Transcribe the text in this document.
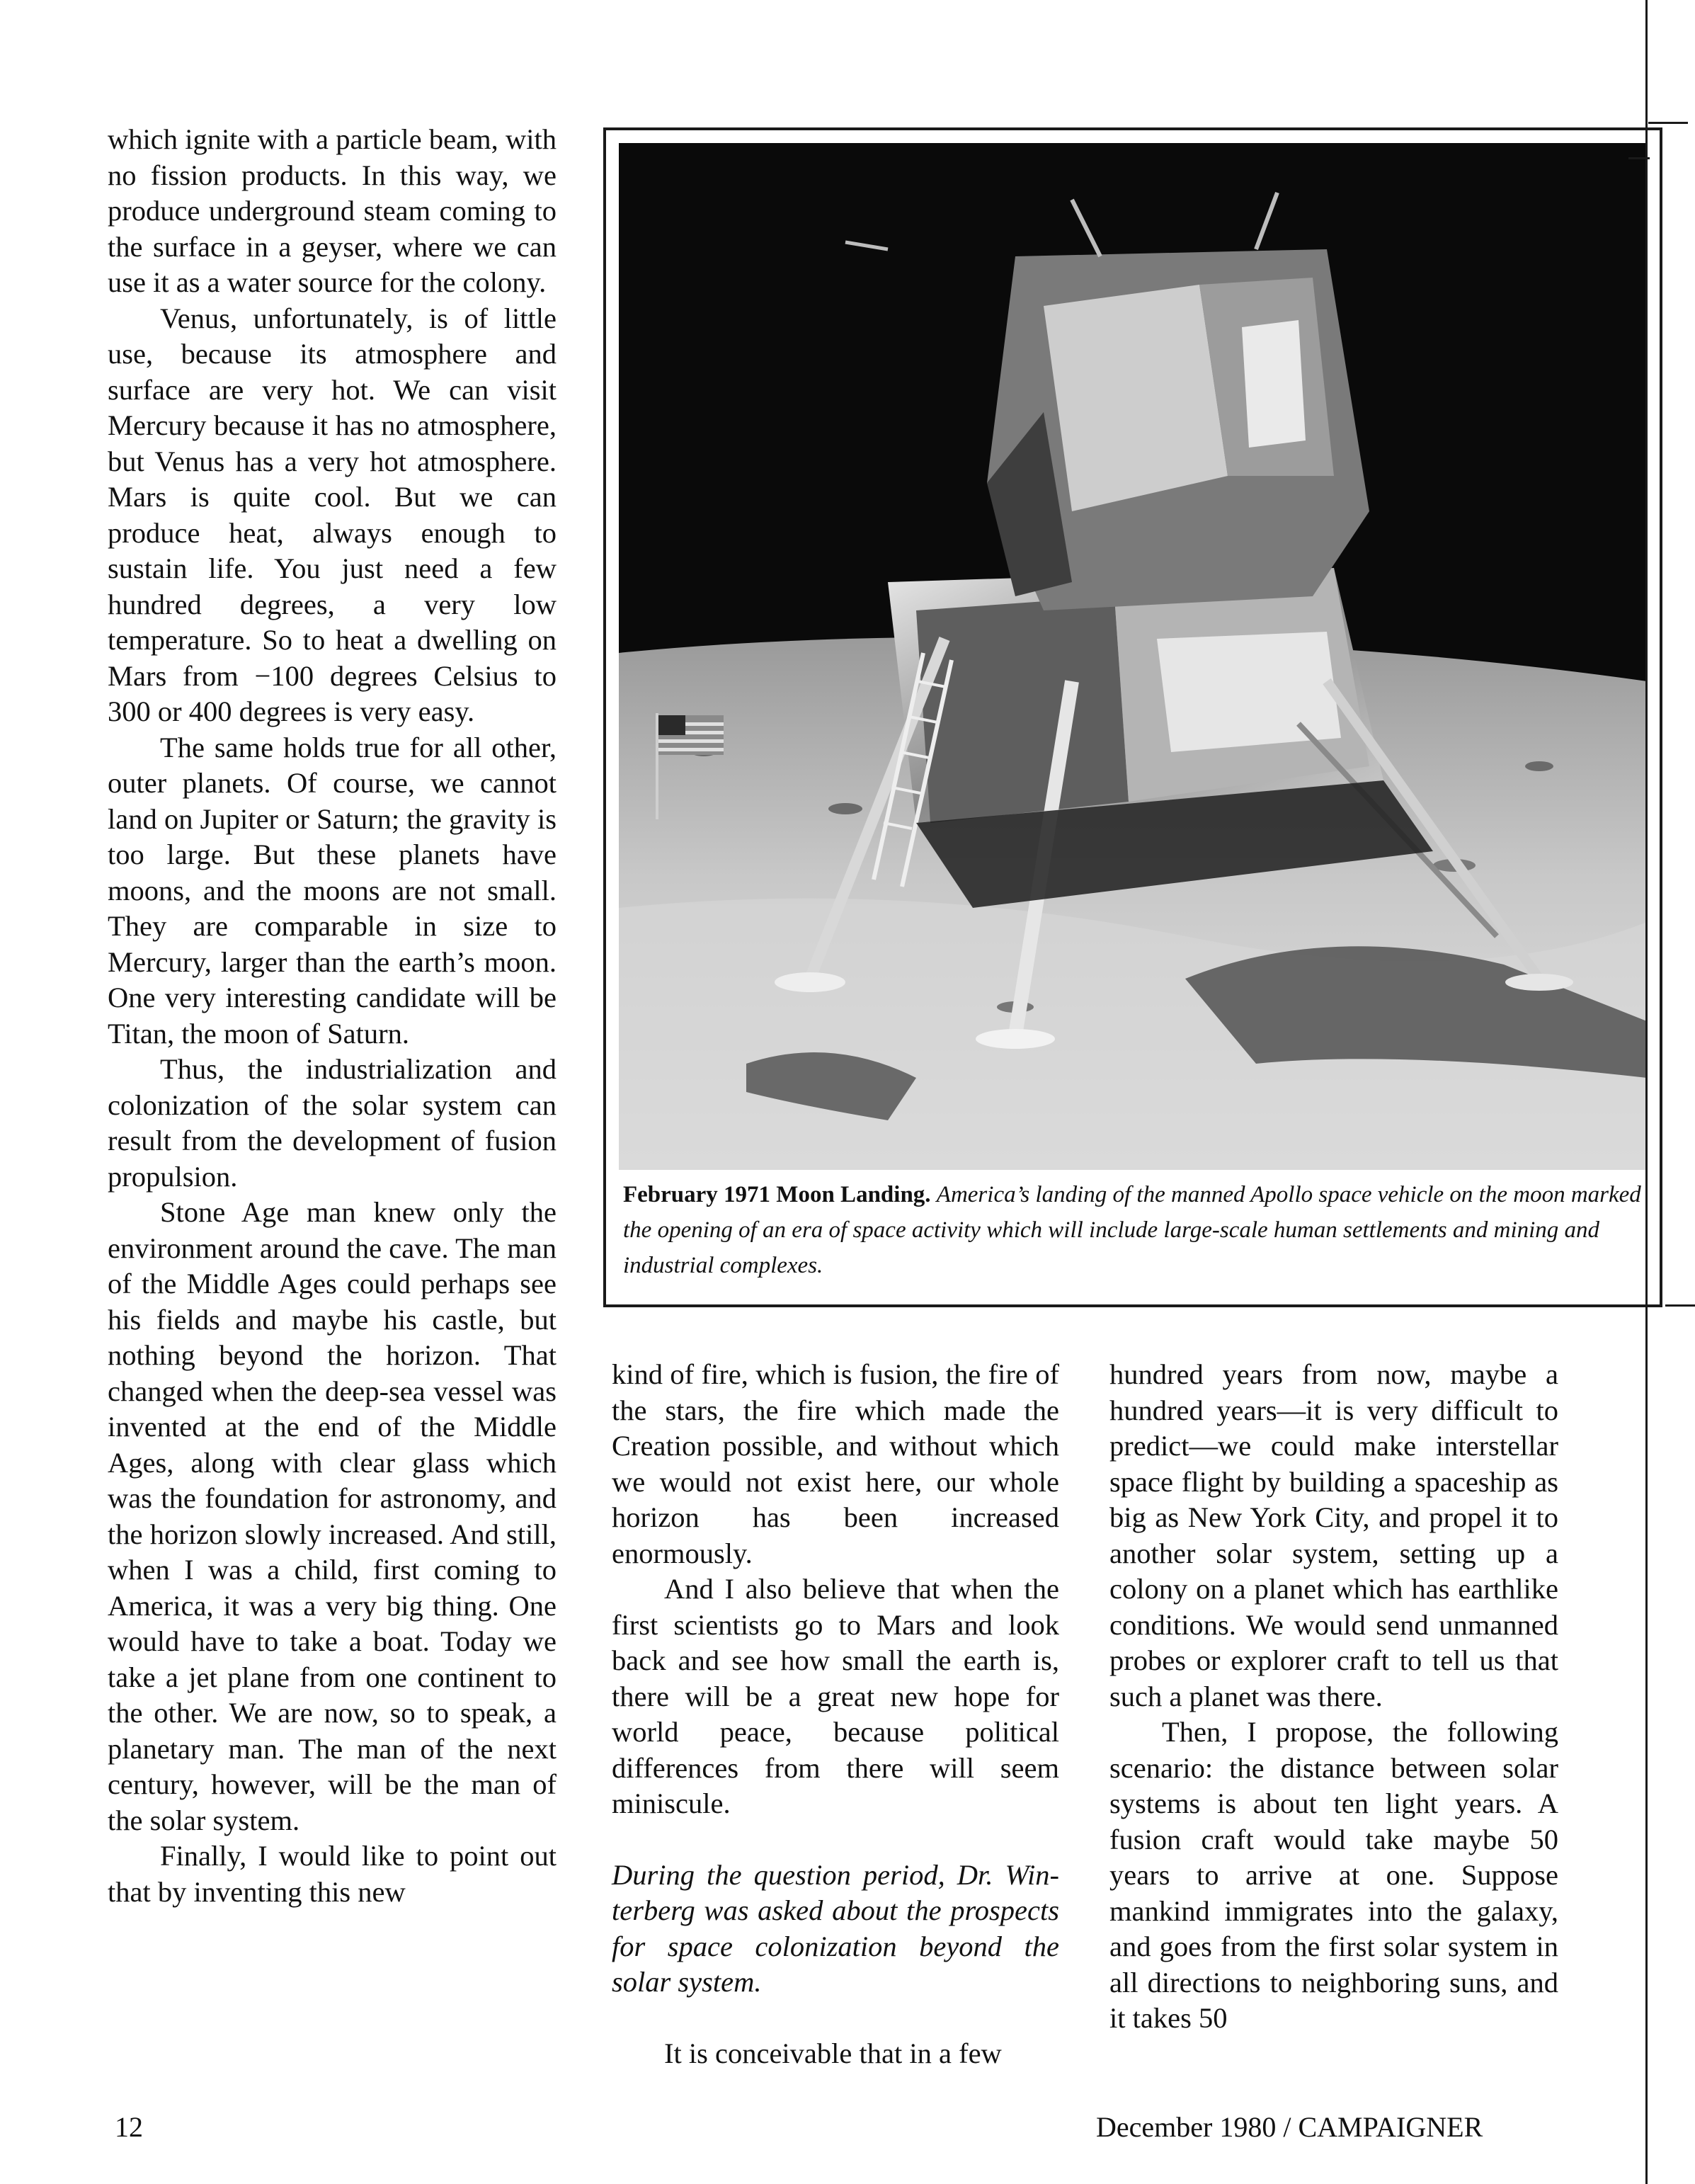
which ignite with a particle beam, with no fission products. In this way, we produce underground steam coming to the surface in a geyser, where we can use it as a water source for the colony.

Venus, unfortunately, is of little use, because its atmosphere and surface are very hot. We can visit Mercury because it has no atmosphere, but Venus has a very hot atmosphere. Mars is quite cool. But we can produce heat, always enough to sustain life. You just need a few hundred degrees, a very low temperature. So to heat a dwelling on Mars from −100 degrees Celsius to 300 or 400 degrees is very easy.

The same holds true for all other, outer planets. Of course, we cannot land on Jupiter or Saturn; the gravity is too large. But these planets have moons, and the moons are not small. They are comparable in size to Mercury, larger than the earth’s moon. One very interesting candidate will be Titan, the moon of Saturn.

Thus, the industrialization and colonization of the solar system can result from the development of fusion propulsion.

Stone Age man knew only the environment around the cave. The man of the Middle Ages could perhaps see his fields and maybe his castle, but nothing beyond the horizon. That changed when the deep-sea vessel was invented at the end of the Middle Ages, along with clear glass which was the foundation for astronomy, and the horizon slowly increased. And still, when I was a child, first coming to America, it was a very big thing. One would have to take a boat. Today we take a jet plane from one continent to the other. We are now, so to speak, a planetary man. The man of the next century, however, will be the man of the solar system.

Finally, I would like to point out that by inventing this new

February 1971 Moon Landing. America’s landing of the manned Apollo space vehicle on the moon marked the opening of an era of space activity which will include large-scale human settlements and mining and industrial complexes.

kind of fire, which is fusion, the fire of the stars, the fire which made the Creation possible, and without which we would not exist here, our whole horizon has been increased enormously.

And I also believe that when the first scientists go to Mars and look back and see how small the earth is, there will be a great new hope for world peace, because political differences from there will seem miniscule.

During the question period, Dr. Winterberg was asked about the prospects for space colonization beyond the solar system.

It is conceivable that in a few

hundred years from now, maybe a hundred years—it is very difficult to predict—we could make interstellar space flight by building a spaceship as big as New York City, and propel it to another solar system, setting up a colony on a planet which has earthlike conditions. We would send unmanned probes or explorer craft to tell us that such a planet was there.

Then, I propose, the following scenario: the distance between solar systems is about ten light years. A fusion craft would take maybe 50 years to arrive at one. Suppose mankind immigrates into the galaxy, and goes from the first solar system in all directions to neighboring suns, and it takes 50

12	December 1980 / CAMPAIGNER
